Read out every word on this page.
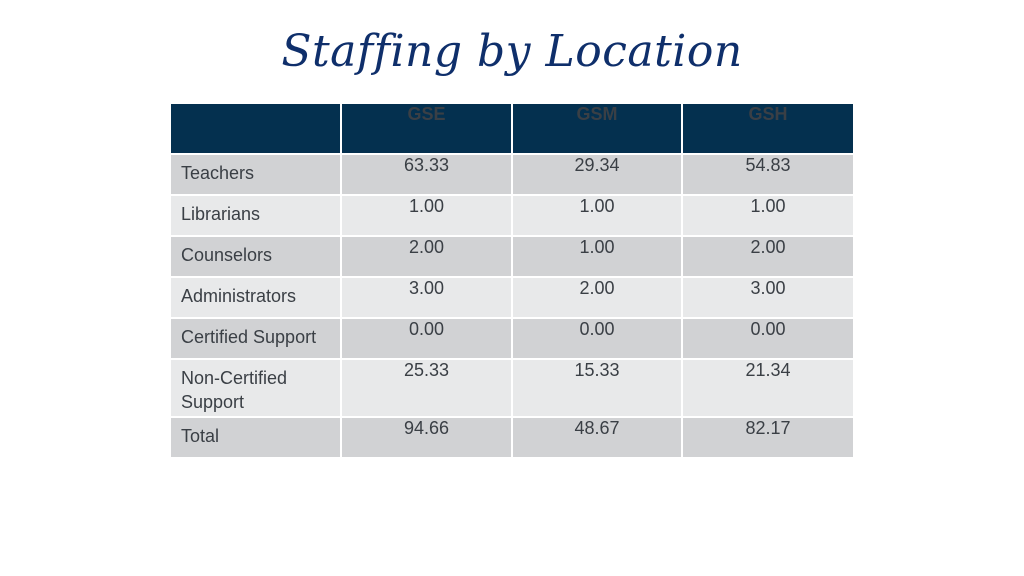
Staffing by Location
	GSE	GSM	GSH
Teachers	63.33	29.34	54.83
Librarians	1.00	1.00	1.00
Counselors	2.00	1.00	2.00
Administrators	3.00	2.00	3.00
Certified Support	0.00	0.00	0.00
Non-Certified Support	25.33	15.33	21.34
Total	94.66	48.67	82.17
